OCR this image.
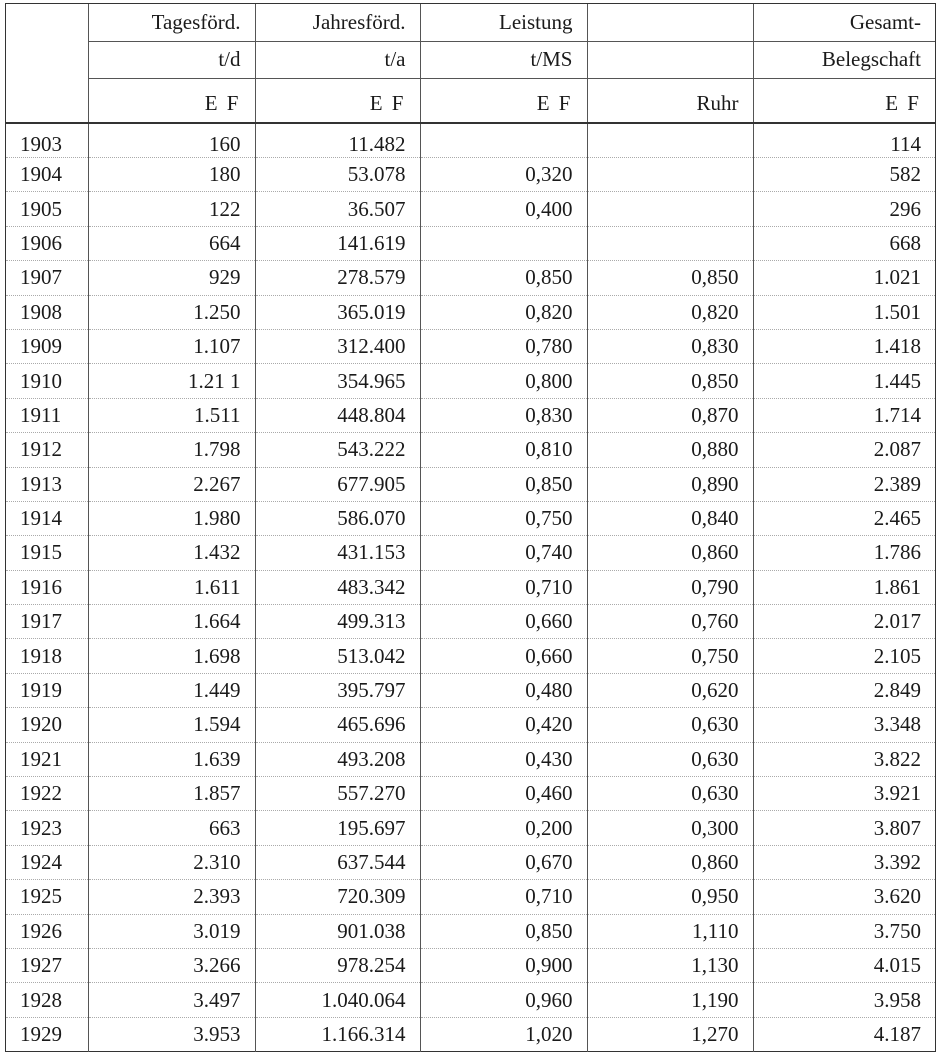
	Tagesförd.	Jahresförd.	Leistung		Gesamt-
	t/d	t/a	t/MS		Belegschaft
	E F	E F	E F	Ruhr	E F
1903	160	11.482			114
1904	180	53.078	0,320		582
1905	122	36.507	0,400		296
1906	664	141.619			668
1907	929	278.579	0,850	0,850	1.021
1908	1.250	365.019	0,820	0,820	1.501
1909	1.107	312.400	0,780	0,830	1.418
1910	1.21 1	354.965	0,800	0,850	1.445
1911	1.511	448.804	0,830	0,870	1.714
1912	1.798	543.222	0,810	0,880	2.087
1913	2.267	677.905	0,850	0,890	2.389
1914	1.980	586.070	0,750	0,840	2.465
1915	1.432	431.153	0,740	0,860	1.786
1916	1.611	483.342	0,710	0,790	1.861
1917	1.664	499.313	0,660	0,760	2.017
1918	1.698	513.042	0,660	0,750	2.105
1919	1.449	395.797	0,480	0,620	2.849
1920	1.594	465.696	0,420	0,630	3.348
1921	1.639	493.208	0,430	0,630	3.822
1922	1.857	557.270	0,460	0,630	3.921
1923	663	195.697	0,200	0,300	3.807
1924	2.310	637.544	0,670	0,860	3.392
1925	2.393	720.309	0,710	0,950	3.620
1926	3.019	901.038	0,850	1,110	3.750
1927	3.266	978.254	0,900	1,130	4.015
1928	3.497	1.040.064	0,960	1,190	3.958
1929	3.953	1.166.314	1,020	1,270	4.187
